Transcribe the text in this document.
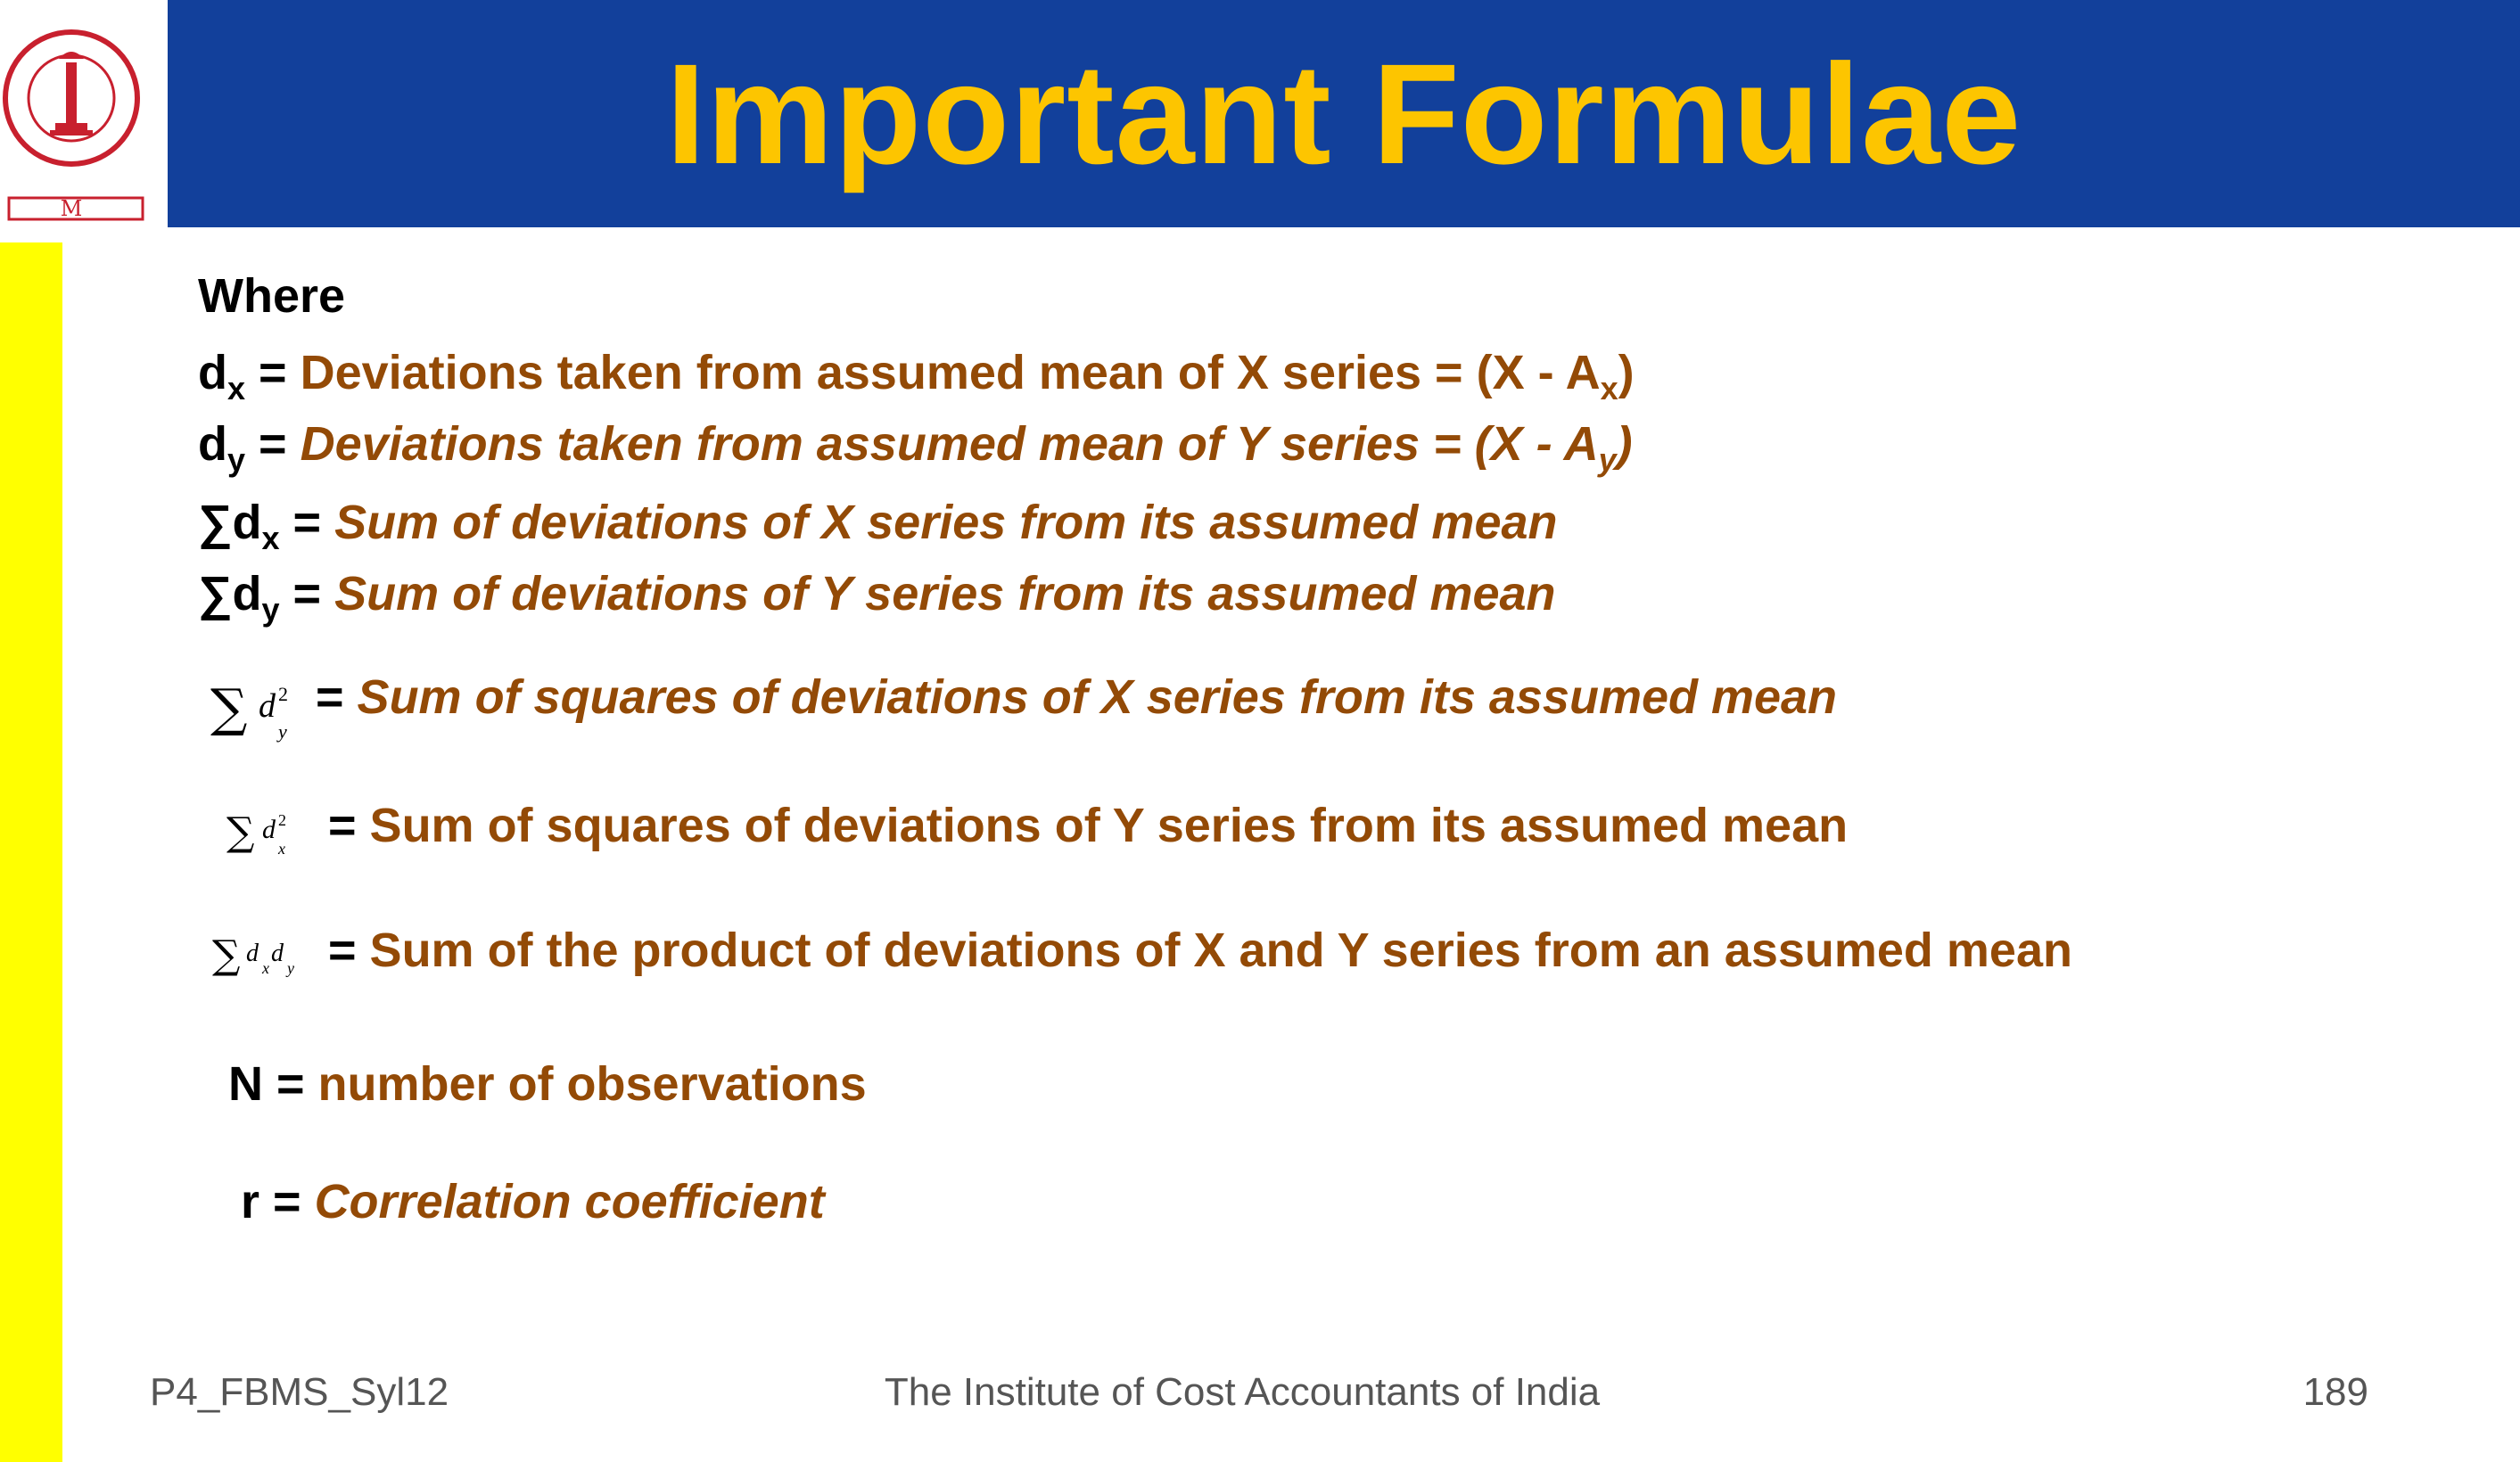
M
Important Formulae
Where
$d_x$ = Deviations taken from assumed mean of X series = $(X - A_x)$
$d_y$ = Deviations taken from assumed mean of Y series = $(X - A_y)$
$\sum d_x$ = Sum of deviations of X series from its assumed mean
$\sum d_y$ = Sum of deviations of Y series from its assumed mean
∑ d 2
y
= Sum of squares of deviations of X series from its assumed mean
∑ d 2
x = Sum of squares of deviations of Y series from its assumed mean
∑ d
x
d
y = Sum of the product of deviations of X and Y series from an assumed mean
N = number of observations
r = Correlation coefficient
P4_FBMS_Syl12	The Institute of Cost Accountants of India	189
